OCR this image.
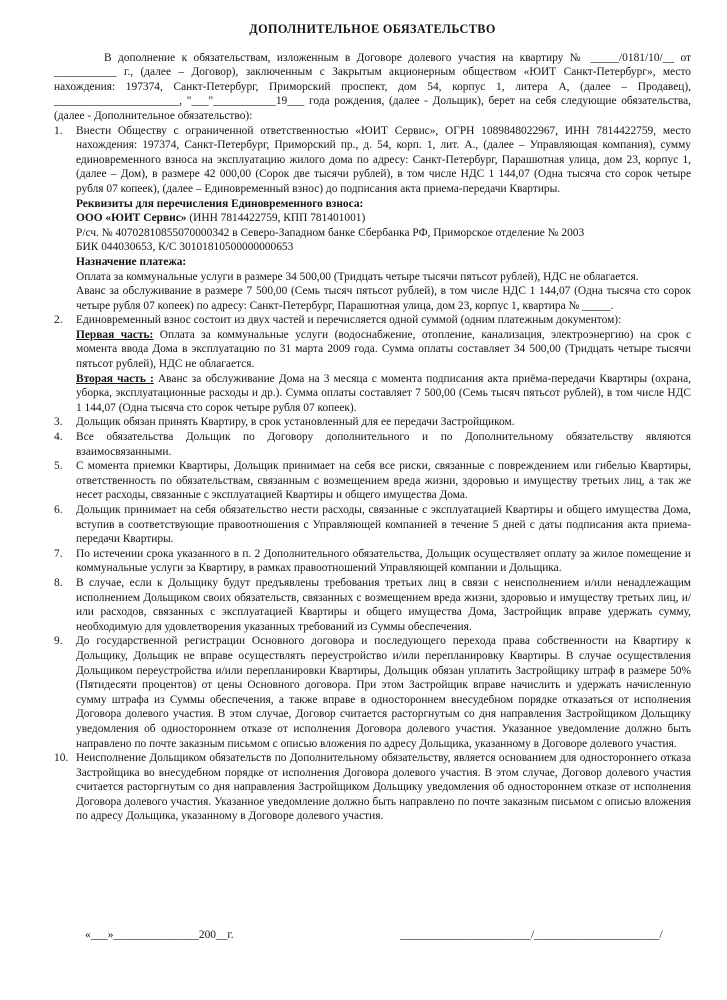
ДОПОЛНИТЕЛЬНОЕ ОБЯЗАТЕЛЬСТВО

В дополнение к обязательствам, изложенным в Договоре долевого участия на квартиру № _____/0181/10/__ от ___________ г., (далее – Договор), заключенным с Закрытым акционерным обществом «ЮИТ Санкт-Петербург», место нахождения: 197374, Санкт-Петербург, Приморский проспект, дом 54, корпус 1, литера А, (далее – Продавец), ______________________, "___"___________19___ года рождения, (далее - Дольщик), берет на себя следующие обязательства, (далее - Дополнительное обязательство):

1. Внести Обществу с ограниченной ответственностью «ЮИТ Сервис», ОГРН 1089848022967, ИНН 7814422759, место нахождения: 197374, Санкт-Петербург, Приморский пр., д. 54, корп. 1, лит. А., (далее – Управляющая компания), сумму единовременного взноса на эксплуатацию жилого дома по адресу: Санкт-Петербург, Парашютная улица, дом 23, корпус 1, (далее – Дом), в размере 42 000,00 (Сорок две тысячи рублей), в том числе НДС 1 144,07 (Одна тысяча сто сорок четыре рубля 07 копеек), (далее – Единовременный взнос) до подписания акта приема-передачи Квартиры.

Реквизиты для перечисления Единовременного взноса:

ООО «ЮИТ Сервис» (ИНН 7814422759, КПП 781401001)

Р/сч. № 40702810855070000342 в Северо-Западном банке Сбербанка РФ, Приморское отделение № 2003

БИК 044030653, К/С 30101810500000000653

Назначение платежа:

Оплата за коммунальные услуги в размере 34 500,00 (Тридцать четыре тысячи пятьсот рублей), НДС не облагается.

Аванс за обслуживание в размере 7 500,00 (Семь тысяч пятьсот рублей), в том числе НДС 1 144,07 (Одна тысяча сто сорок четыре рубля 07 копеек) по адресу: Санкт-Петербург, Парашютная улица, дом 23, корпус 1, квартира № _____.

2. Единовременный взнос состоит из двух частей и перечисляется одной суммой (одним платежным документом):

Первая часть: Оплата за коммунальные услуги (водоснабжение, отопление, канализация, электроэнергию) на срок с момента ввода Дома в эксплуатацию по 31 марта 2009 года. Сумма оплаты составляет 34 500,00 (Тридцать четыре тысячи пятьсот рублей), НДС не облагается.

Вторая часть : Аванс за обслуживание Дома на 3 месяца с момента подписания акта приёма-передачи Квартиры (охрана, уборка, эксплуатационные расходы и др.). Сумма оплаты составляет 7 500,00 (Семь тысяч пятьсот рублей), в том числе НДС 1 144,07 (Одна тысяча сто сорок четыре рубля 07 копеек).

3. Дольщик обязан принять Квартиру, в срок установленный для ее передачи Застройщиком.

4. Все обязательства Дольщик по Договору дополнительного и по Дополнительному обязательству являются взаимосвязанными.

5. С момента приемки Квартиры, Дольщик принимает на себя все риски, связанные с повреждением или гибелью Квартиры, ответственность по обязательствам, связанным с возмещением вреда жизни, здоровью и имуществу третьих лиц, а так же несет расходы, связанные с эксплуатацией Квартиры и общего имущества Дома.

6. Дольщик принимает на себя обязательство нести расходы, связанные с эксплуатацией Квартиры и общего имущества Дома, вступив в соответствующие правоотношения с Управляющей компанией в течение 5 дней с даты подписания акта приема-передачи Квартиры.

7. По истечении срока указанного в п. 2 Дополнительного обязательства, Дольщик осуществляет оплату за жилое помещение и коммунальные услуги за Квартиру, в рамках правоотношений Управляющей компании и Дольщика.

8. В случае, если к Дольщику будут предъявлены требования третьих лиц в связи с неисполнением и/или ненадлежащим исполнением Дольщиком своих обязательств, связанных с возмещением вреда жизни, здоровью и имуществу третьих лиц, и/или расходов, связанных с эксплуатацией Квартиры и общего имущества Дома, Застройщик вправе удержать сумму, необходимую для удовлетворения указанных требований из Суммы обеспечения.

9. До государственной регистрации Основного договора и последующего перехода права собственности на Квартиру к Дольщику, Дольщик не вправе осуществлять переустройство и/или перепланировку Квартиры. В случае осуществления Дольщиком переустройства и/или перепланировки Квартиры, Дольщик обязан уплатить Застройщику штраф в размере 50% (Пятидесяти процентов) от цены Основного договора. При этом Застройщик вправе начислить и удержать начисленную сумму штрафа из Суммы обеспечения, а также вправе в одностороннем внесудебном порядке отказаться от исполнения Договора долевого участия. В этом случае, Договор считается расторгнутым со дня направления Застройщиком Дольщику уведомления об одностороннем отказе от исполнения Договора долевого участия. Указанное уведомление должно быть направлено по почте заказным письмом с описью вложения по адресу Дольщика, указанному в Договоре долевого участия.

10. Неисполнение Дольщиком обязательств по Дополнительному обязательству, является основанием для одностороннего отказа Застройщика во внесудебном порядке от исполнения Договора долевого участия. В этом случае, Договор долевого участия считается расторгнутым со дня направления Застройщиком Дольщику уведомления об одностороннем отказе от исполнения Договора долевого участия. Указанное уведомление должно быть направлено по почте заказным письмом с описью вложения по адресу Дольщика, указанному в Договоре долевого участия.

«___»_______________200__г.	_______________________/______________________/
